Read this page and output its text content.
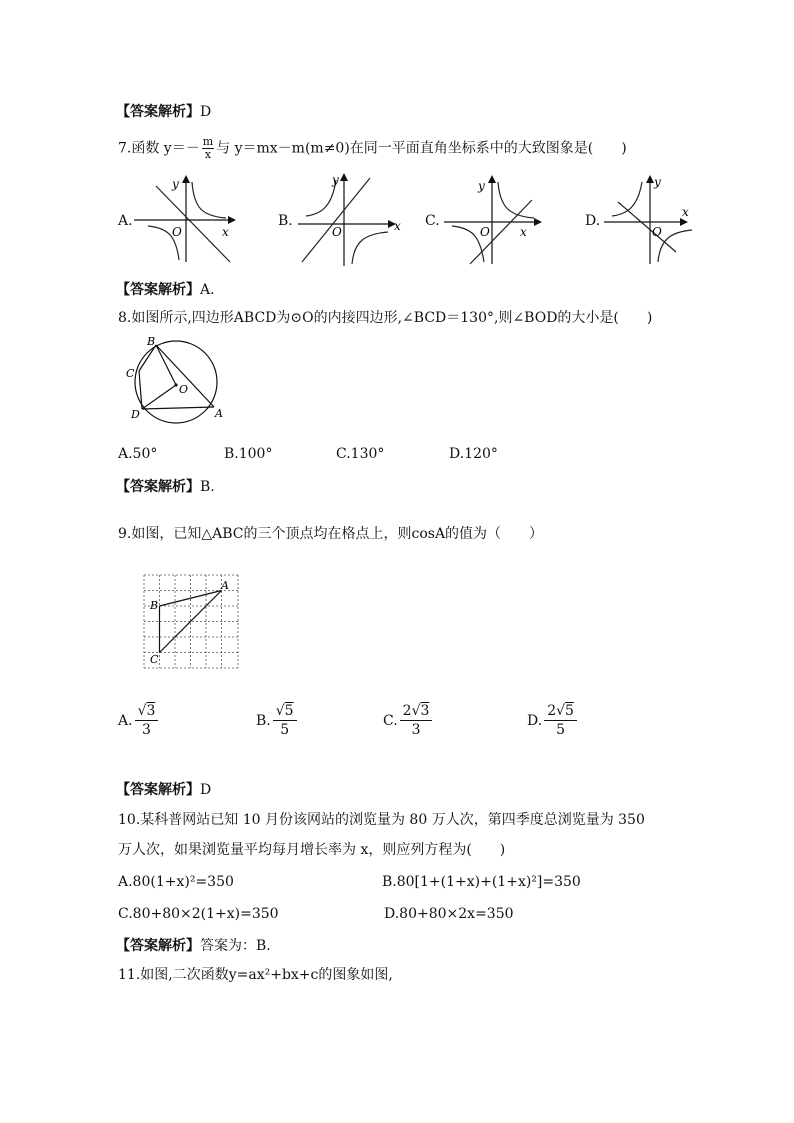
【答案解析】D
7.函数 $y=- \frac{m}{x}$ 与 y＝mx－m(m≠0)在同一平面直角坐标系中的大致图象是(　　)
A.
y
x
O
B.
y
x
O
C.
y
x
O
D.
y
x
O
【答案解析】A.
8.如图所示,四边形ABCD为⊙O的内接四边形,∠BCD＝130°,则∠BOD的大小是(　　)
B
C
D	A
O
A.50°	B.100°	C.130°	D.120°
【答案解析】B.
9.如图，已知△ABC的三个顶点均在格点上，则cosA的值为（　　）
A
B
C
A. $\frac{√3}{3}$	B. $\frac{√5}{5}$	C. $\frac{2√3}{3}$	D. $\frac{2√5}{5}$
【答案解析】D
10.某科普网站已知 10 月份该网站的浏览量为 80 万人次，第四季度总浏览量为 350
万人次，如果浏览量平均每月增长率为 x，则应列方程为(　　)
A.80(1+x)²=350	B.80[1+(1+x)+(1+x)²]=350
C.80+80×2(1+x)=350	D.80+80×2x=350
【答案解析】答案为：B.
11.如图,二次函数y=ax²+bx+c的图象如图,
